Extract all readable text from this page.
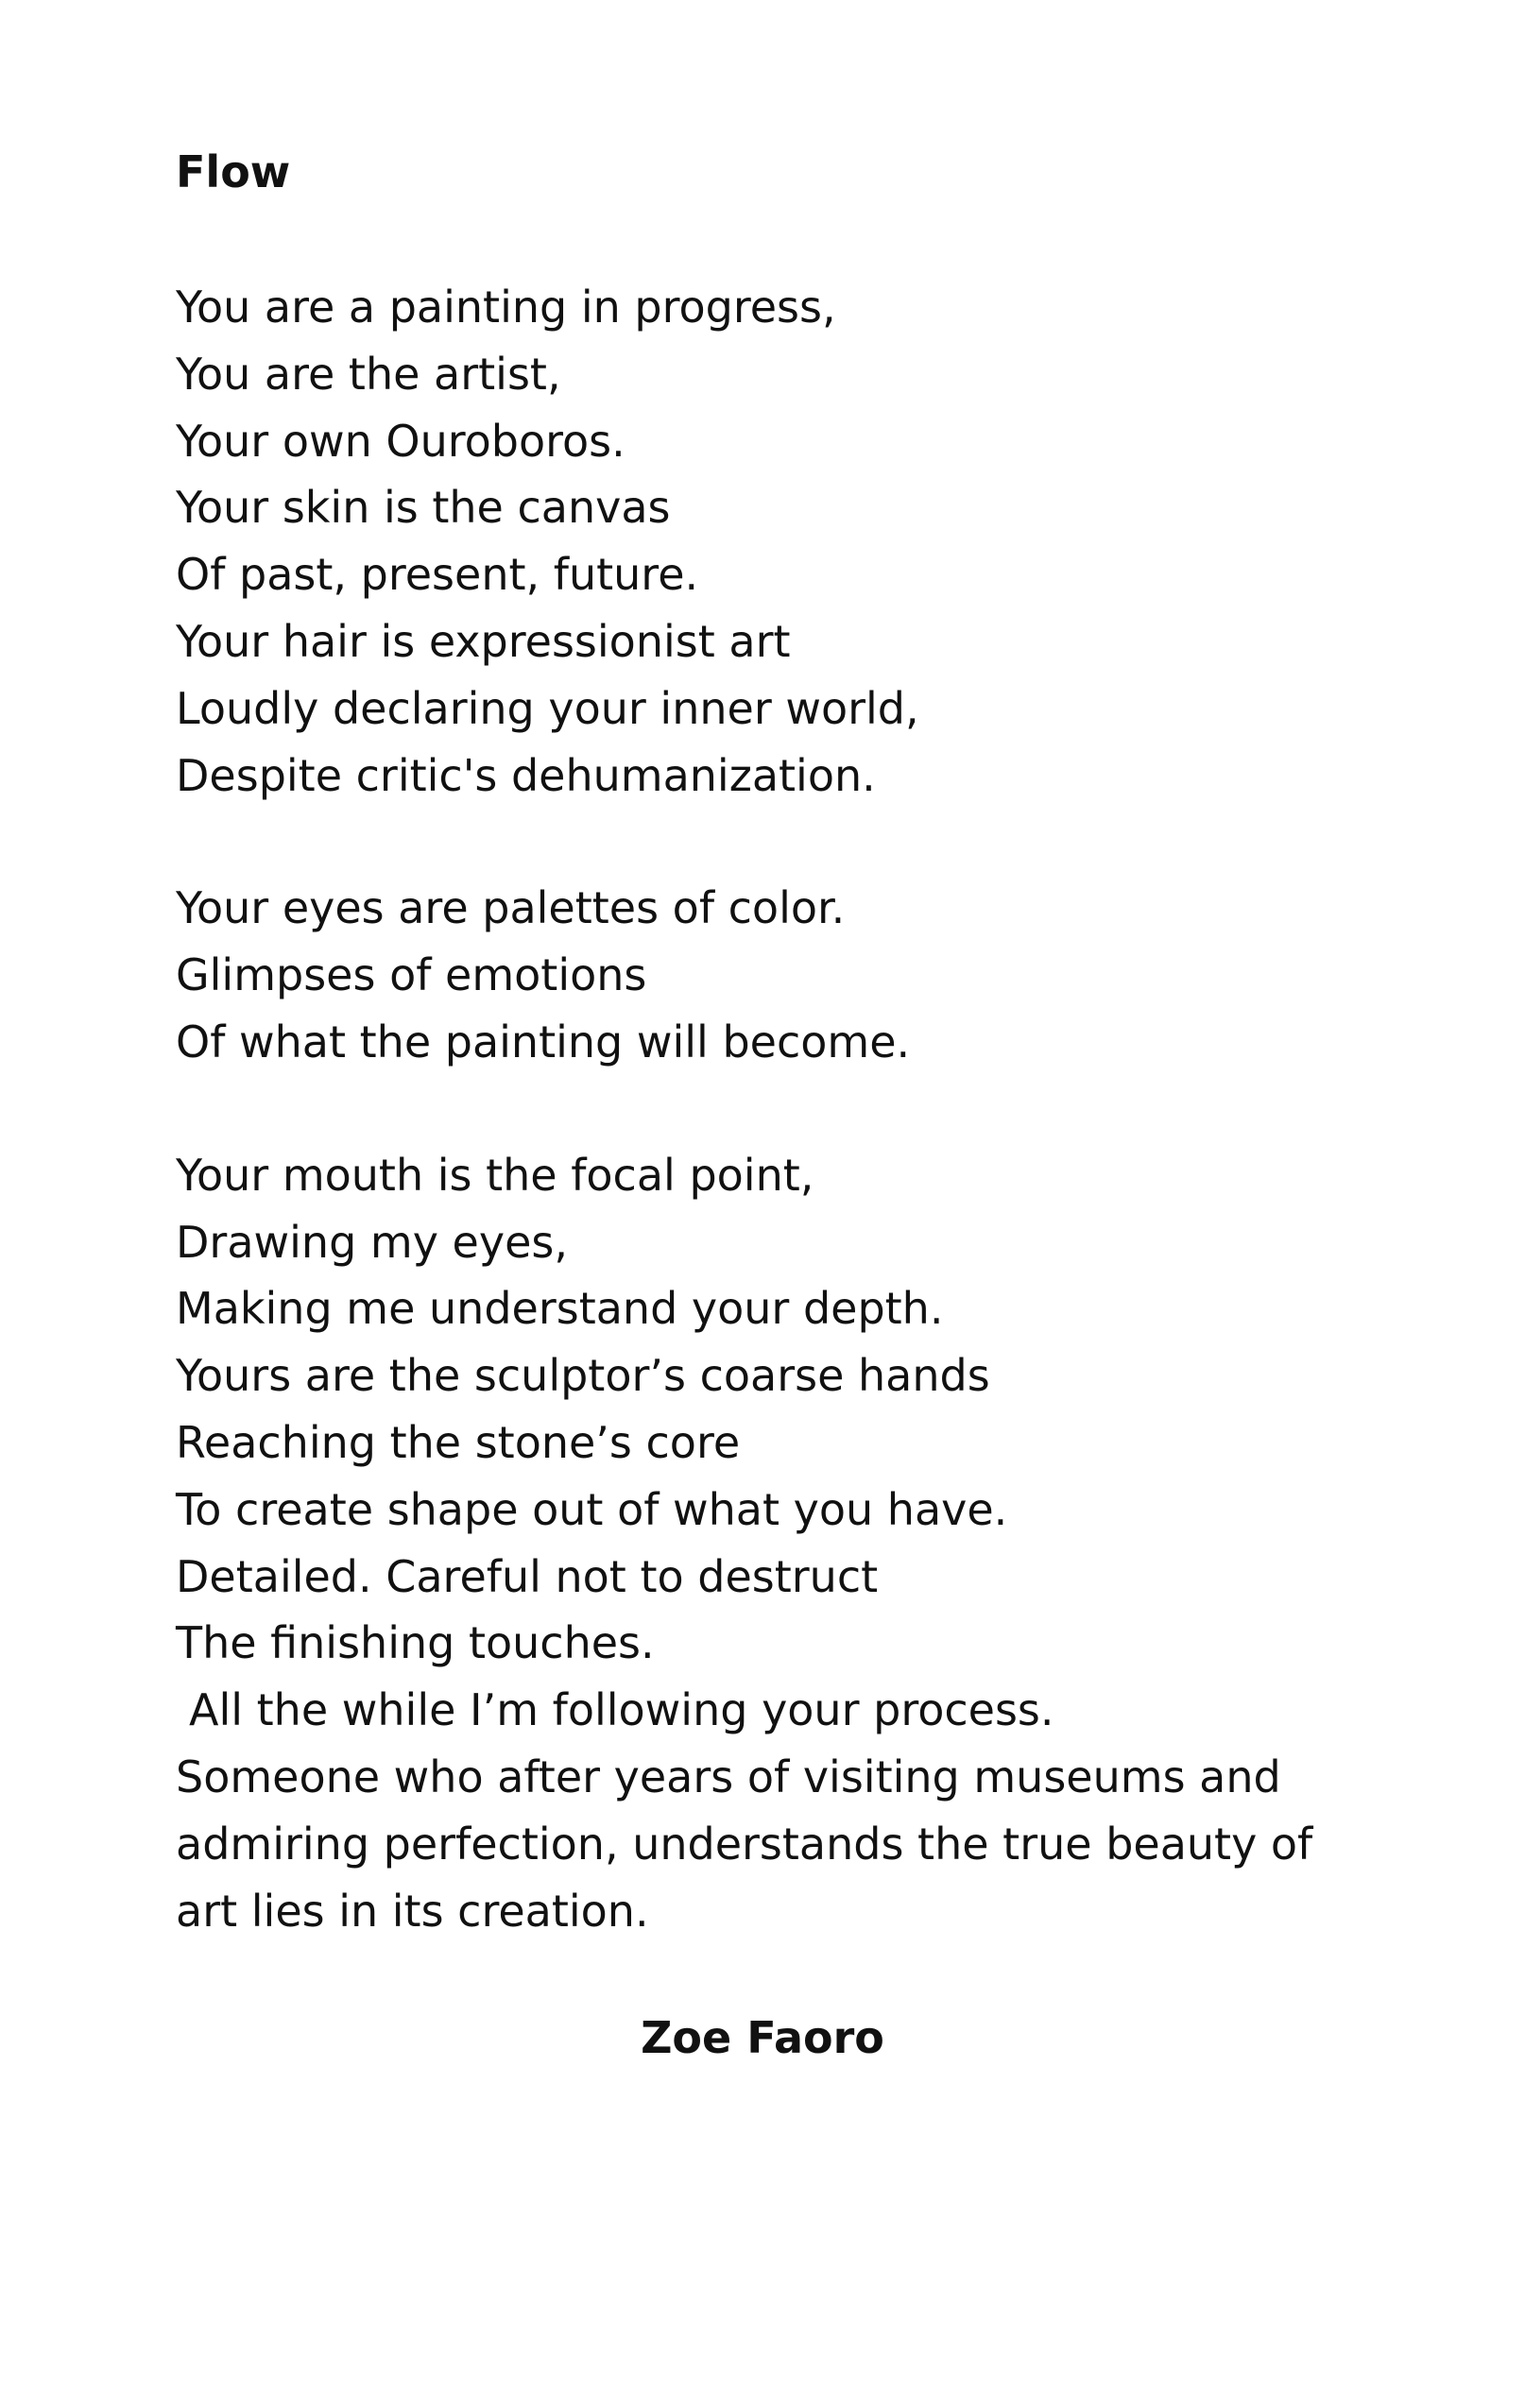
Flow
You are a painting in progress,
You are the artist,
Your own Ouroboros.
Your skin is the canvas
Of past, present, future.
Your hair is expressionist art
Loudly declaring your inner world,
Despite critic's dehumanization.
Your eyes are palettes of color.
Glimpses of emotions
Of what the painting will become.
Your mouth is the focal point,
Drawing my eyes,
Making me understand your depth.
Yours are the sculptor’s coarse hands
Reaching the stone’s core
To create shape out of what you have.
Detailed. Careful not to destruct
The finishing touches.
All the while I’m following your process.
Someone who after years of visiting museums and
admiring perfection, understands the true beauty of
art lies in its creation.

Zoe Faoro
